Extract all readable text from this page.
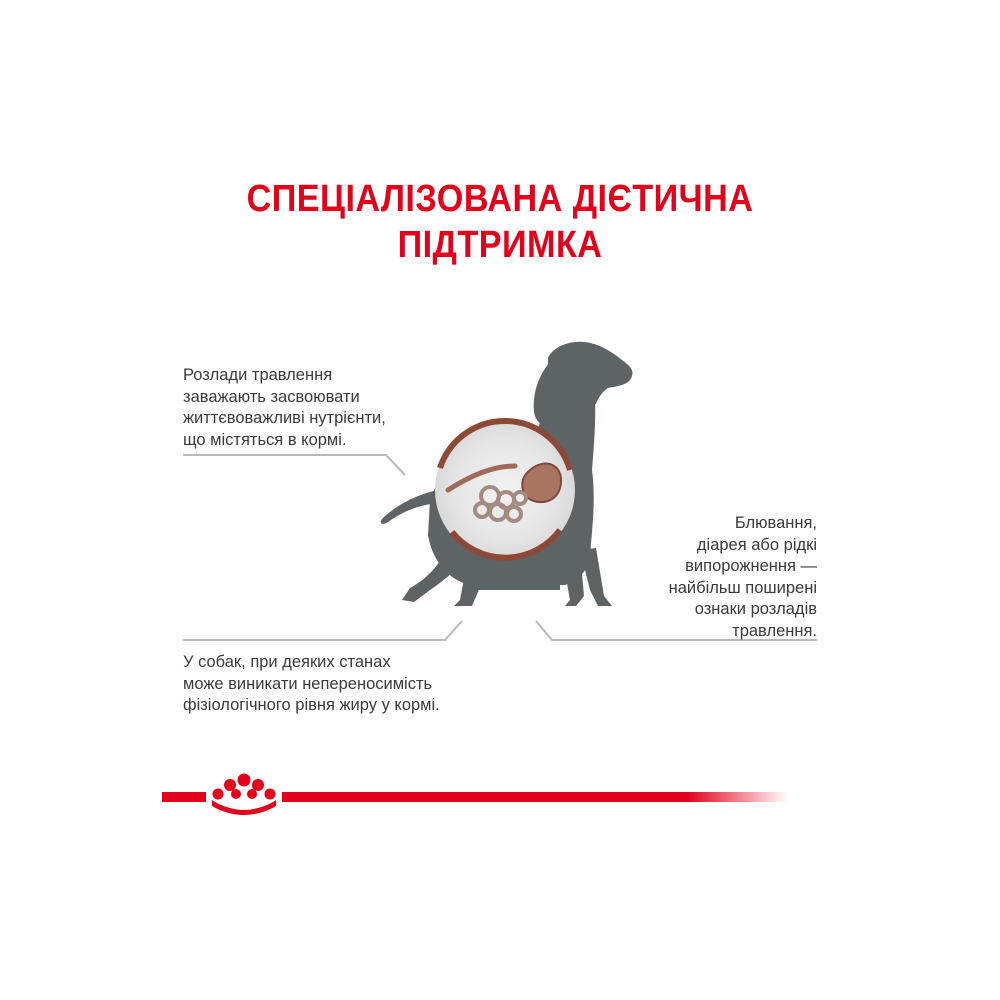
СПЕЦІАЛІЗОВАНА ДІЄТИЧНА
ПІДТРИМКА
Розлади травлення
заважають засвоювати
життєвоважливі нутрієнти,
що містяться в кормі.
Блювання,
діарея або рідкі
випорожнення —
найбільш поширені
ознаки розладів
травлення.
У собак, при деяких станах
може виникати непереносимість
фізіологічного рівня жиру у кормі.
